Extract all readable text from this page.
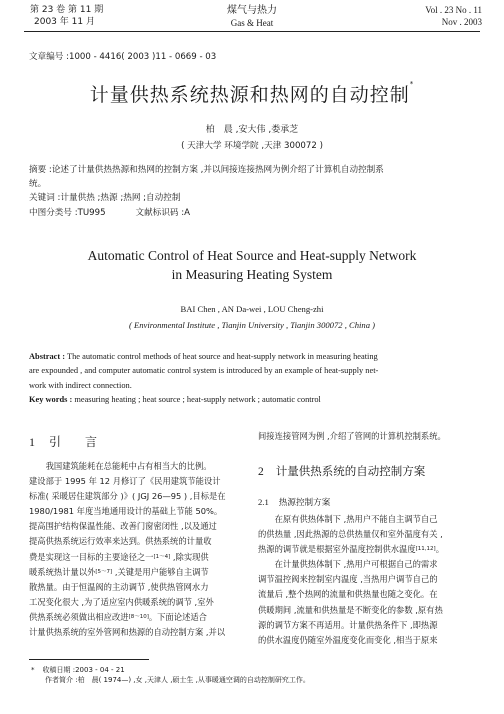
第 23 卷 第 11 期
2003 年 11 月
煤气与热力
Gas & Heat
Vol . 23 No . 11
Nov . 2003
文章编号 :1000 - 4416( 2003 )11 - 0669 - 03
计量供热系统热源和热网的自动控制*
柏　晨 ,安大伟 ,娄承芝
( 天津大学 环境学院 ,天津 300072 )
摘要 :论述了计量供热热源和热网的控制方案 ,并以间接连接热网为例介绍了计算机自动控制系
统。
关键词 :计量供热 ;热源 ;热网 ;自动控制
中图分类号 :TU995	文献标识码 :A
Automatic Control of Heat Source and Heat-supply Network
in Measuring Heating System
BAI Chen , AN Da-wei , LOU Cheng-zhi
( Environmental Institute , Tianjin University , Tianjin 300072 , China )
Abstract : The automatic control methods of heat source and heat-supply network in measuring heating
are expounded , and computer automatic control system is introduced by an example of heat-supply net-
work with indirect connection.
Key words : measuring heating ; heat source ; heat-supply network ; automatic control
1 引　　言
　　我国建筑能耗在总能耗中占有相当大的比例。
建设部于 1995 年 12 月修订了《民用建筑节能设计
标准( 采暖居住建筑部分 )》( JGJ 26—95 ) ,目标是在
1980/1981 年度当地通用设计的基础上节能 50%。
提高围护结构保温性能、改善门窗密闭性 ,以及通过
提高供热系统运行效率来达到。供热系统的计量收
费是实现这一目标的主要途径之一[1～4] ,除实现供
暖系统热计量以外[5～7] ,关键是用户能够自主调节
散热量。由于恒温阀的主动调节 ,使供热管网水力
工况变化很大 ,为了适应室内供暖系统的调节 ,室外
供热系统必须做出相应改进[8～10]。下面论述适合
计量供热系统的室外管网和热源的自动控制方案 ,并以
间接连接管网为例 ,介绍了管网的计算机控制系统。
2 计量供热系统的自动控制方案
2.1 热源控制方案
　　在原有供热体制下 ,热用户不能自主调节自己
的供热量 ,因此热源的总供热量仅和室外温度有关 ,
热源的调节就是根据室外温度控制供水温度[11,12]。
　　在计量供热体制下 ,热用户可根据自己的需求
调节温控阀来控制室内温度 ,当热用户调节自己的
流量后 ,整个热网的流量和供热量也随之变化。在
供暖期间 ,流量和供热量是不断变化的参数 ,原有热
源的调节方案不再适用。计量供热条件下 ,即热源
的供水温度仍随室外温度变化而变化 ,相当于原来
* 收稿日期 :2003 - 04 - 21
作者简介 :柏　晨( 1974—) ,女 ,天津人 ,硕士生 ,从事暖通空调的自动控制研究工作。
